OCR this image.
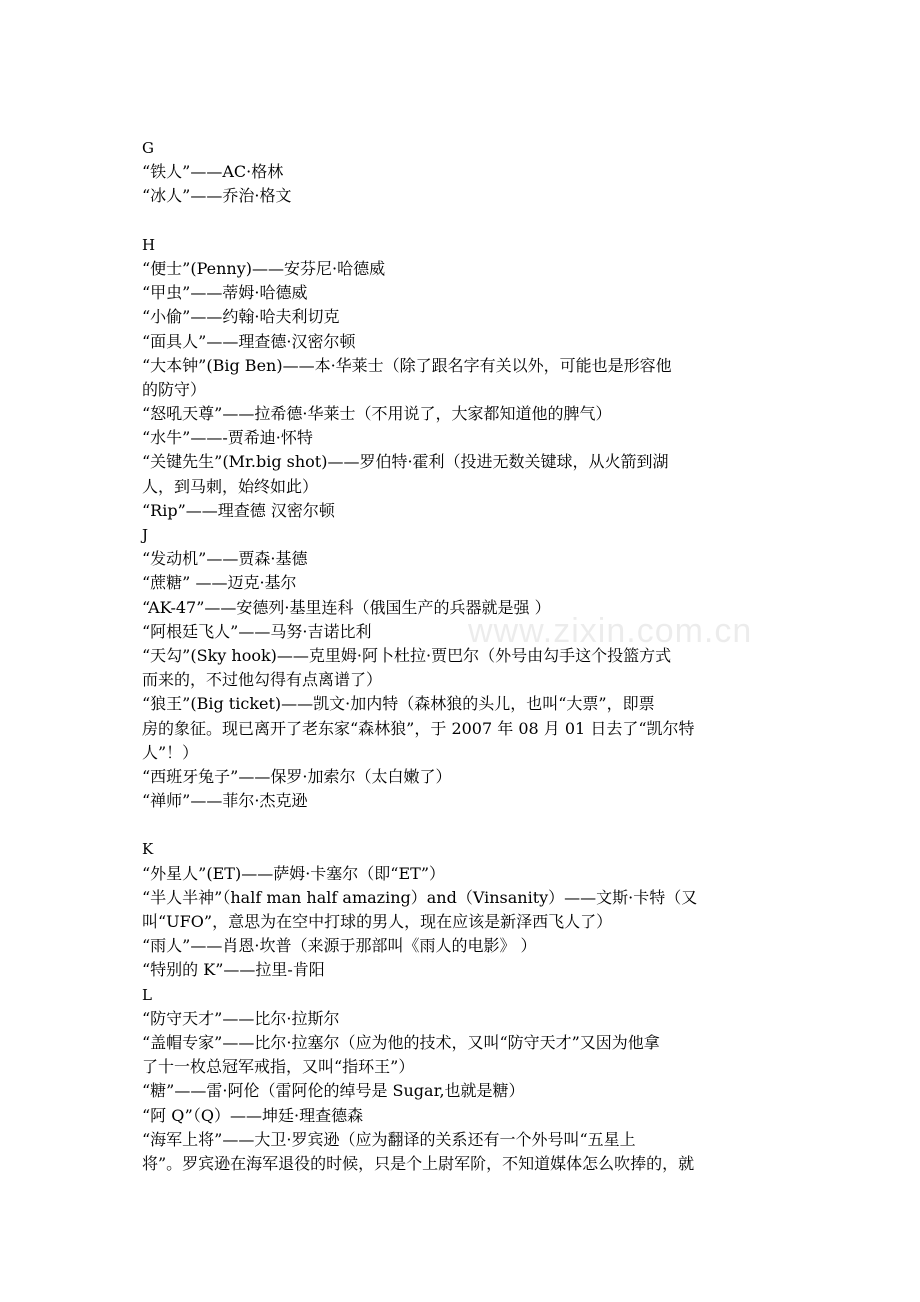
G
“铁人”——AC·格林
“冰人”——乔治·格文
H
“便士”(Penny)——安芬尼·哈德威
“甲虫”——蒂姆·哈德威
“小偷”——约翰·哈夫利切克
“面具人”——理查德·汉密尔顿
“大本钟”(Big Ben)——本·华莱士（除了跟名字有关以外，可能也是形容他
的防守）
“怒吼天尊”——拉希德·华莱士（不用说了，大家都知道他的脾气）
“水牛”——-贾希迪·怀特
“关键先生”(Mr.big shot)——罗伯特·霍利（投进无数关键球，从火箭到湖
人，到马刺，始终如此）
“Rip”——理查德 汉密尔顿
J
“发动机”——贾森·基德
“蔗糖” ——迈克·基尔
“AK-47”——安德列·基里连科（俄国生产的兵器就是强 ）
“阿根廷飞人”——马努·吉诺比利
“天勾”(Sky hook)——克里姆·阿卜杜拉·贾巴尔（外号由勾手这个投篮方式
而来的，不过他勾得有点离谱了）
“狼王”(Big ticket)——凯文·加内特（森林狼的头儿，也叫“大票”，即票
房的象征。现已离开了老东家“森林狼”，于 2007 年 08 月 01 日去了“凯尔特
人”！）
“西班牙兔子”——保罗·加索尔（太白嫩了）
“禅师”——菲尔·杰克逊
K
“外星人”(ET)——萨姆·卡塞尔（即“ET”）
“半人半神”（half man half amazing）and（Vinsanity）——文斯·卡特（又
叫“UFO”，意思为在空中打球的男人，现在应该是新泽西飞人了）
“雨人”——肖恩·坎普（来源于那部叫《雨人的电影》 ）
“特别的 K”——拉里-肯阳
L
“防守天才”——比尔·拉斯尔
“盖帽专家”——比尔·拉塞尔（应为他的技术，又叫“防守天才”又因为他拿
了十一枚总冠军戒指，又叫“指环王”）
“糖”——雷·阿伦（雷阿伦的绰号是 Sugar,也就是糖）
“阿 Q”（Q）——坤廷·理查德森
“海军上将”——大卫·罗宾逊（应为翻译的关系还有一个外号叫“五星上
将”。罗宾逊在海军退役的时候，只是个上尉军阶，不知道媒体怎么吹捧的，就
www.zixin.com.cn
